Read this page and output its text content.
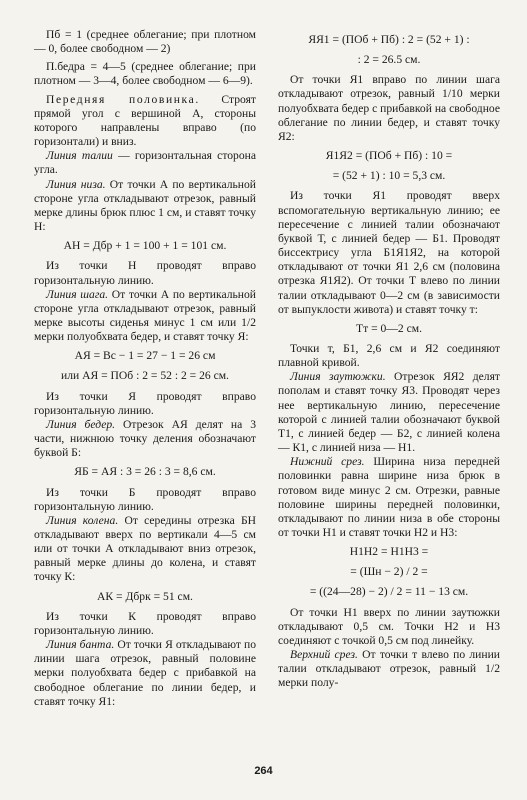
Пб = 1 (среднее облегание; при плотном — 0, более свободном — 2)

П.бедра = 4—5 (среднее облегание; при плотном — 3—4, более свободном — 6—9).

Передняя половинка. Строят прямой угол с вершиной А, стороны которого направлены вправо (по горизонтали) и вниз.

Линия талии — горизонтальная сторона угла.

Линия низа. От точки А по вертикальной стороне угла откладывают отрезок, равный мерке длины брюк плюс 1 см, и ставят точку Н:

АН = Дбр + 1 = 100 + 1 = 101 см.

Из точки Н проводят вправо горизонтальную линию.

Линия шага. От точки А по вертикальной стороне угла откладывают отрезок, равный мерке высоты сиденья минус 1 см или 1/2 мерки полуобхвата бедер, и ставят точку Я:

АЯ = Вс − 1 = 27 − 1 = 26 см

или АЯ = ПОб : 2 = 52 : 2 = 26 см.

Из точки Я проводят вправо горизонтальную линию.

Линия бедер. Отрезок АЯ делят на 3 части, нижнюю точку деления обозначают буквой Б:

ЯБ = АЯ : 3 = 26 : 3 = 8,6 см.

Из точки Б проводят вправо горизонтальную линию.

Линия колена. От середины отрезка БН откладывают вверх по вертикали 4—5 см или от точки А откладывают вниз отрезок, равный мерке длины до колена, и ставят точку К:

АК = Дбрк = 51 см.

Из точки К проводят вправо горизонтальную линию.

Линия банта. От точки Я откладывают по линии шага отрезок, равный половине мерки полуобхвата бедер с прибавкой на свободное облегание по линии бедер, и ставят точку Я1:

ЯЯ1 = (ПОб + Пб) : 2 = (52 + 1) :

: 2 = 26.5 см.

От точки Я1 вправо по линии шага откладывают отрезок, равный 1/10 мерки полуобхвата бедер с прибавкой на свободное облегание по линии бедер, и ставят точку Я2:

Я1Я2 = (ПОб + Пб) : 10 =

= (52 + 1) : 10 = 5,3 см.

Из точки Я1 проводят вверх вспомогательную вертикальную линию; ее пересечение с линией талии обозначают буквой Т, с линией бедер — Б1. Проводят биссектрису угла Б1Я1Я2, на которой откладывают от точки Я1 2,6 см (половина отрезка Я1Я2). От точки Т влево по линии талии откладывают 0—2 см (в зависимости от выпуклости живота) и ставят точку т:

Тт = 0—2 см.

Точки т, Б1, 2,6 см и Я2 соединяют плавной кривой.

Линия заутюжки. Отрезок ЯЯ2 делят пополам и ставят точку Я3. Проводят через нее вертикальную линию, пересечение которой с линией талии обозначают буквой Т1, с линией бедер — Б2, с линией колена — К1, с линией низа — Н1.

Нижний срез. Ширина низа передней половинки равна ширине низа брюк в готовом виде минус 2 см. Отрезки, равные половине ширины передней половинки, откладывают по линии низа в обе стороны от точки Н1 и ставят точки Н2 и Н3:

Н1Н2 = Н1Н3 =

= (Шн − 2) / 2 =

= ((24—28) − 2) / 2 = 11 − 13 см.

От точки Н1 вверх по линии заутюжки откладывают 0,5 см. Точки Н2 и Н3 соединяют с точкой 0,5 см под линейку.

Верхний срез. От точки т влево по линии талии откладывают отрезок, равный 1/2 мерки полу-

264
